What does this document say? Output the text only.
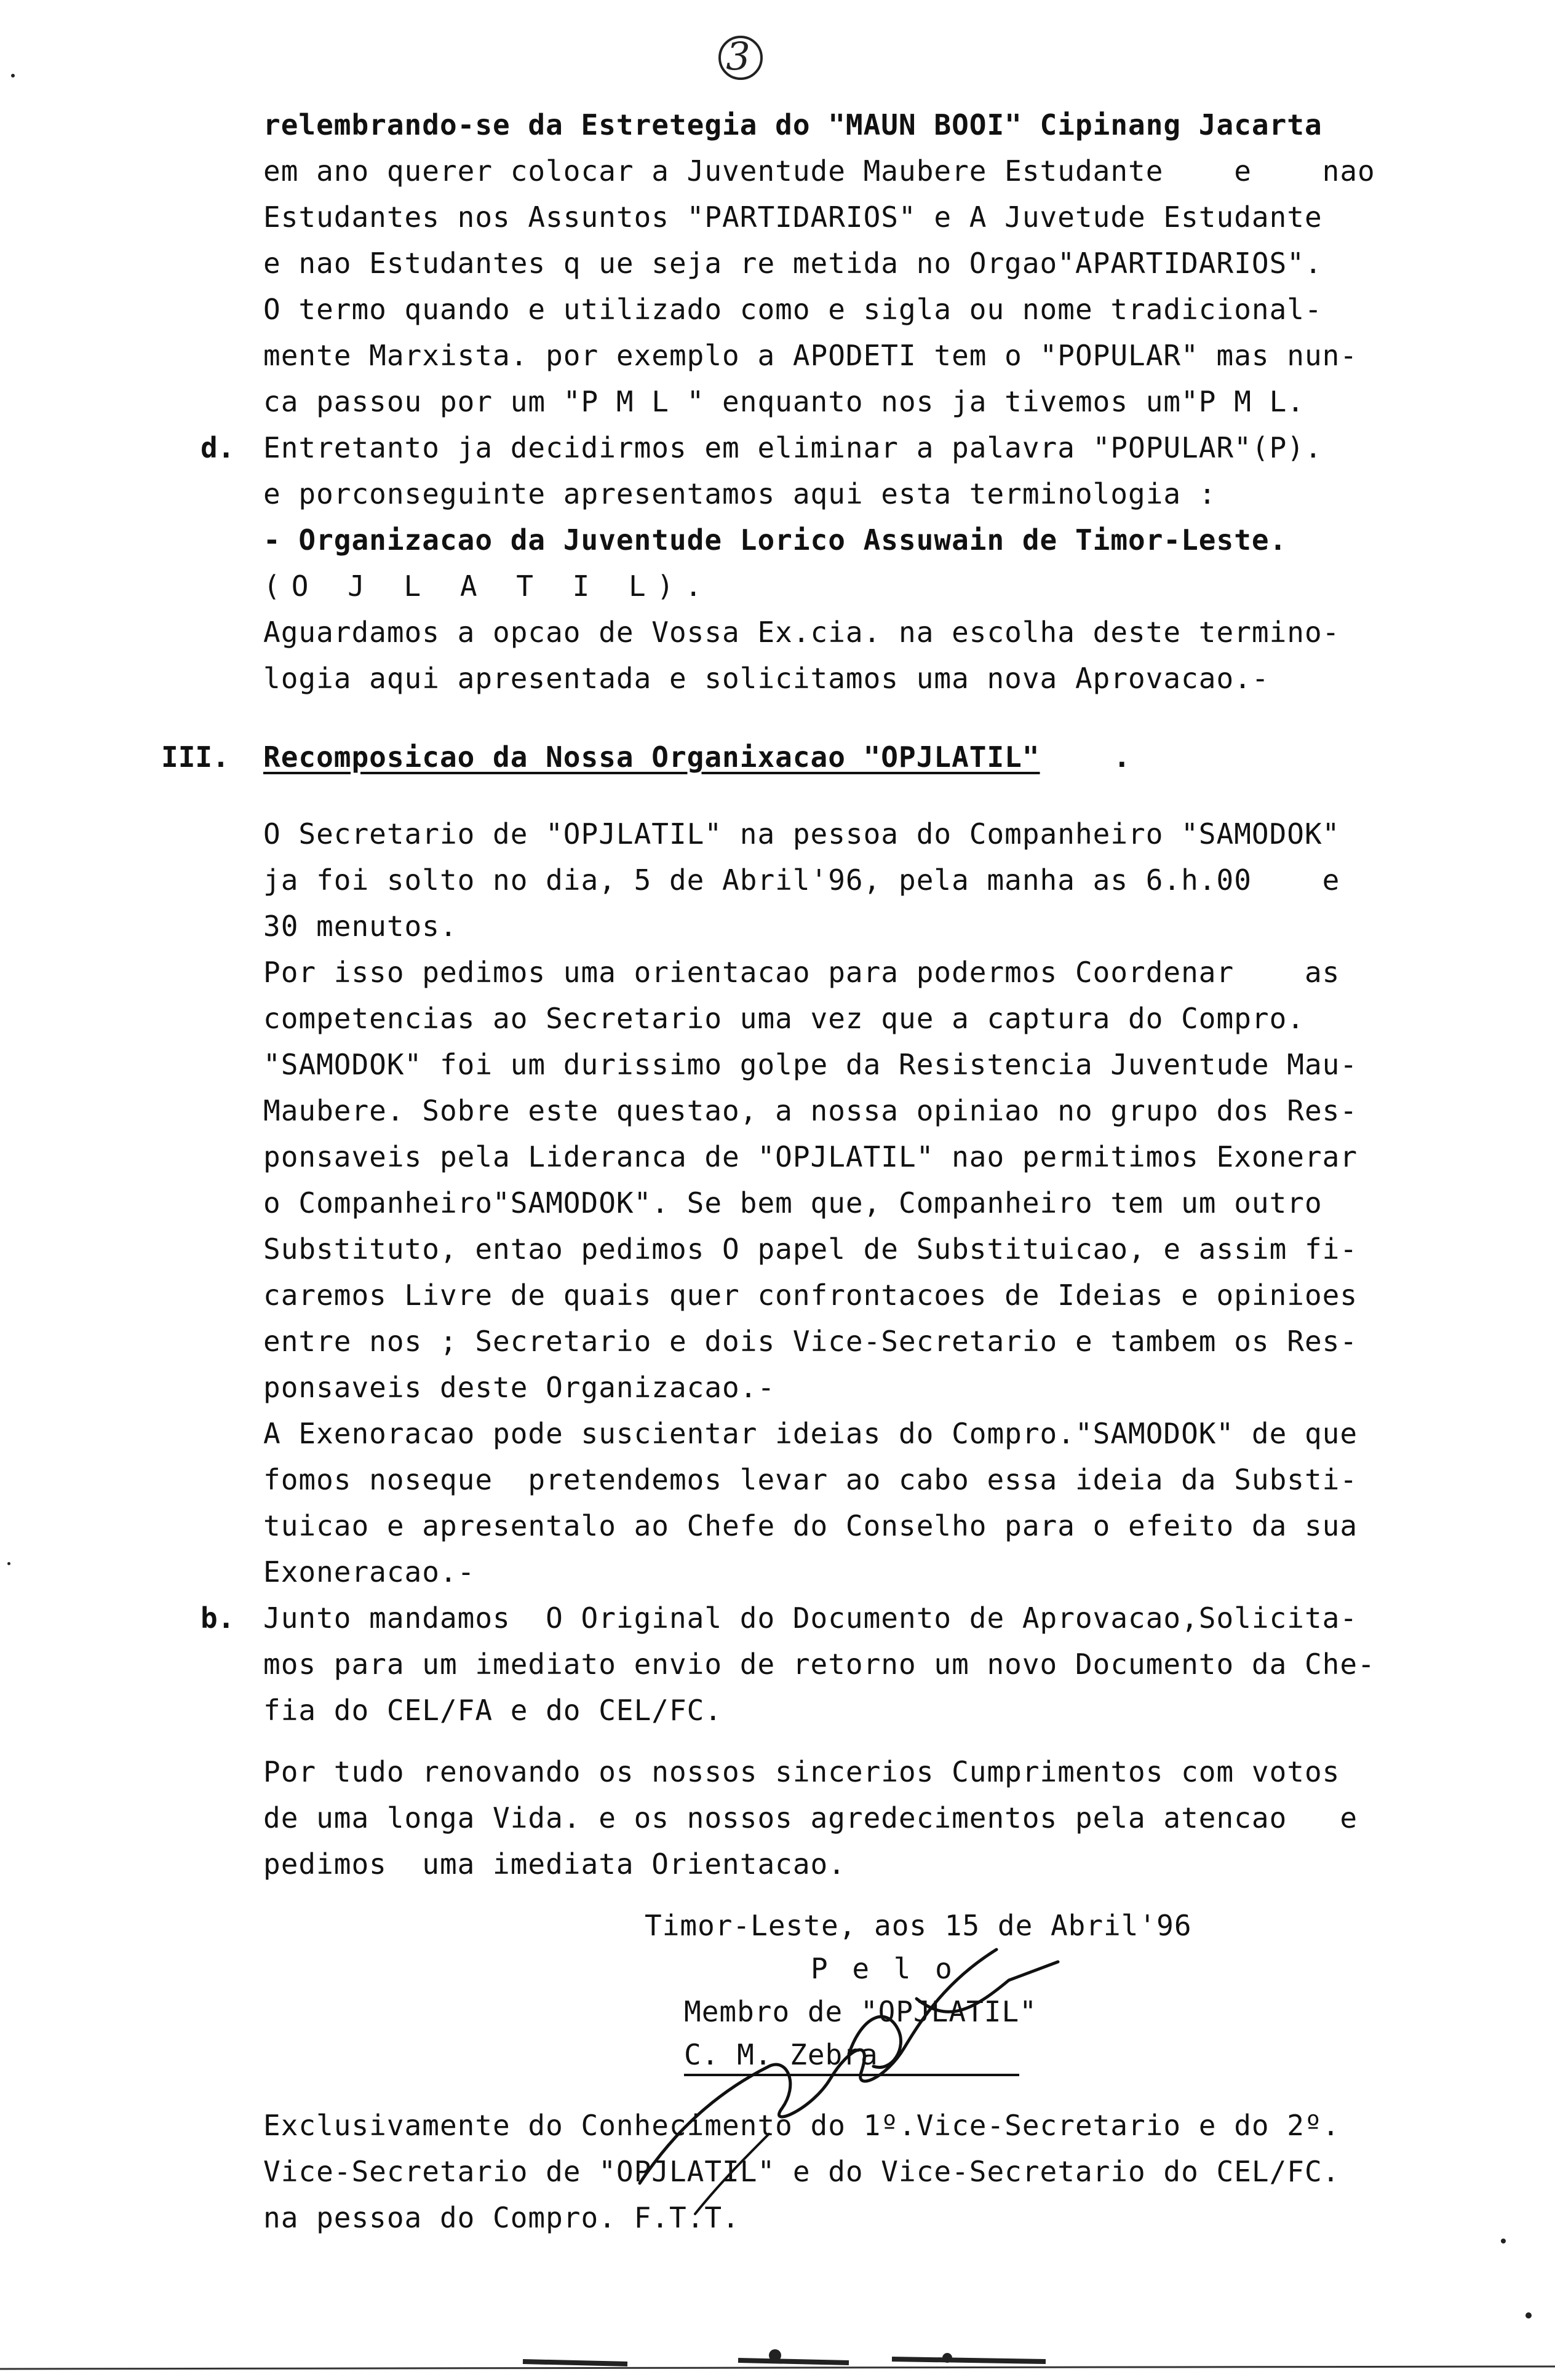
3
relembrando-se da Estretegia do "MAUN BOOI" Cipinang Jacarta
em ano querer colocar a Juventude Maubere Estudante    e    nao
Estudantes nos Assuntos "PARTIDARIOS" e A Juvetude Estudante
e nao Estudantes q ue seja re metida no Orgao"APARTIDARIOS".
O termo quando e utilizado como e sigla ou nome tradicional-
mente Marxista. por exemplo a APODETI tem o "POPULAR" mas nun-
ca passou por um "P M L " enquanto nos ja tivemos um"P M L.
d. Entretanto ja decidirmos em eliminar a palavra "POPULAR"(P).
e porconseguinte apresentamos aqui esta terminologia :
- Organizacao da Juventude Lorico Assuwain de Timor-Leste.
(O J L A T I L).
Aguardamos a opcao de Vossa Ex.cia. na escolha deste termino-
logia aqui apresentada e solicitamos uma nova Aprovacao.-
III. Recomposicao da Nossa Organixacao "OPJLATIL"	.
O Secretario de "OPJLATIL" na pessoa do Companheiro "SAMODOK"
ja foi solto no dia, 5 de Abril'96, pela manha as 6.h.00    e
30 menutos.
Por isso pedimos uma orientacao para podermos Coordenar    as
competencias ao Secretario uma vez que a captura do Compro.
"SAMODOK" foi um durissimo golpe da Resistencia Juventude Mau-
Maubere. Sobre este questao, a nossa opiniao no grupo dos Res-
ponsaveis pela Lideranca de "OPJLATIL" nao permitimos Exonerar
o Companheiro"SAMODOK". Se bem que, Companheiro tem um outro
Substituto, entao pedimos O papel de Substituicao, e assim fi-
caremos Livre de quais quer confrontacoes de Ideias e opinioes
entre nos ; Secretario e dois Vice-Secretario e tambem os Res-
ponsaveis deste Organizacao.-
A Exenoracao pode suscientar ideias do Compro."SAMODOK" de que
fomos noseque  pretendemos levar ao cabo essa ideia da Substi-
tuicao e apresentalo ao Chefe do Conselho para o efeito da sua
Exoneracao.-
b. Junto mandamos  O Original do Documento de Aprovacao,Solicita-
mos para um imediato envio de retorno um novo Documento da Che-
fia do CEL/FA e do CEL/FC.
Por tudo renovando os nossos sincerios Cumprimentos com votos
de uma longa Vida. e os nossos agredecimentos pela atencao   e
pedimos  uma imediata Orientacao.
Timor-Leste, aos 15 de Abril'96
P e l o
Membro de "OPJLATIL"
C. M. Zebra
Exclusivamente do Conhecimento do 1º.Vice-Secretario e do 2º.
Vice-Secretario de "OPJLATIL" e do Vice-Secretario do CEL/FC.
na pessoa do Compro. F.T.T.
